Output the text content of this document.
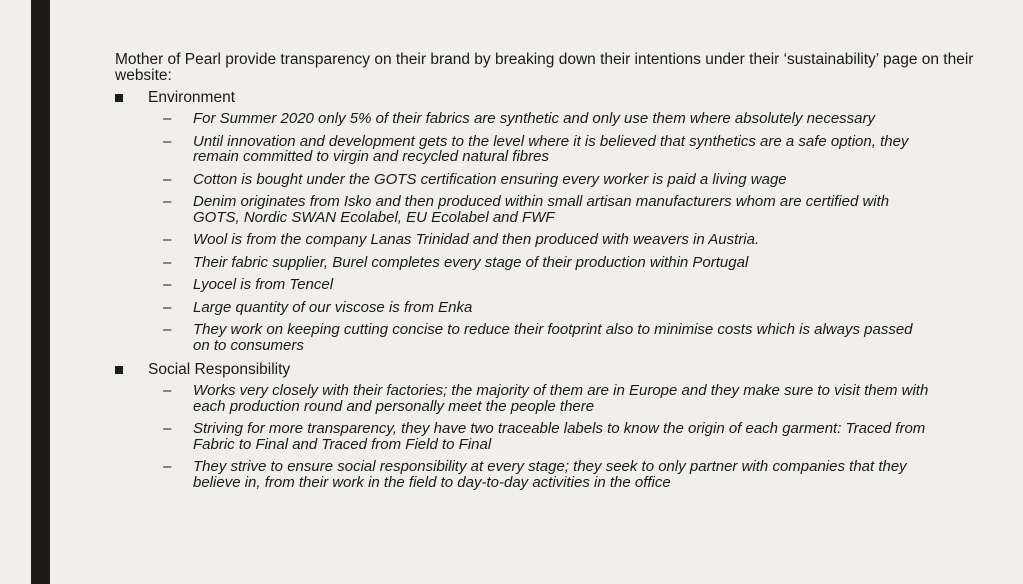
Mother of Pearl provide transparency on their brand by breaking down their intentions under their ‘sustainability’ page on their website:

Environment
–	For Summer 2020 only 5% of their fabrics are synthetic and only use them where absolutely necessary
–	Until innovation and development gets to the level where it is believed that synthetics are a safe option, they remain committed to virgin and recycled natural fibres
–	Cotton is bought under the GOTS certification ensuring every worker is paid a living wage
–	Denim originates from Isko and then produced within small artisan manufacturers whom are certified with GOTS, Nordic SWAN Ecolabel, EU Ecolabel and FWF
–	Wool is from the company Lanas Trinidad and then produced with weavers in Austria.
–	Their fabric supplier, Burel completes every stage of their production within Portugal
–	Lyocel is from Tencel
–	Large quantity of our viscose is from Enka
–	They work on keeping cutting concise to reduce their footprint also to minimise costs which is always passed on to consumers
Social Responsibility
–	Works very closely with their factories; the majority of them are in Europe and they make sure to visit them with each production round and personally meet the people there
–	Striving for more transparency, they have two traceable labels to know the origin of each garment: Traced from Fabric to Final and Traced from Field to Final
–	They strive to ensure social responsibility at every stage; they seek to only partner with companies that they believe in, from their work in the field to day-to-day activities in the office
